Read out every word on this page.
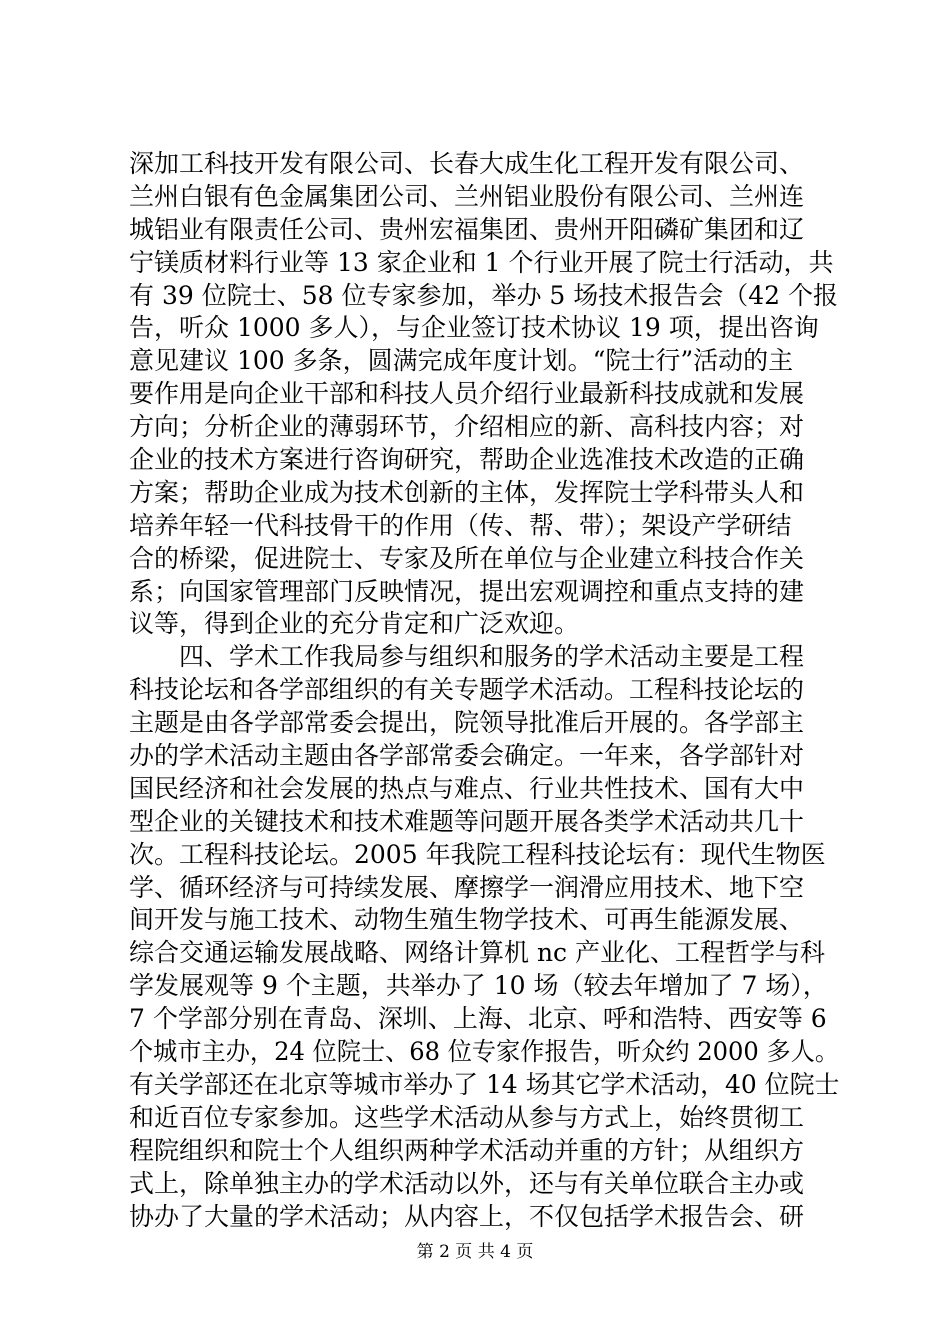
深加工科技开发有限公司、长春大成生化工程开发有限公司、
兰州白银有色金属集团公司、兰州铝业股份有限公司、兰州连
城铝业有限责任公司、贵州宏福集团、贵州开阳磷矿集团和辽
宁镁质材料行业等 13 家企业和 1 个行业开展了院士行活动，共
有 39 位院士、58 位专家参加，举办 5 场技术报告会（42 个报
告，听众 1000 多人），与企业签订技术协议 19 项，提出咨询
意见建议 100 多条，圆满完成年度计划。“院士行”活动的主
要作用是向企业干部和科技人员介绍行业最新科技成就和发展
方向；分析企业的薄弱环节，介绍相应的新、高科技内容；对
企业的技术方案进行咨询研究，帮助企业选准技术改造的正确
方案；帮助企业成为技术创新的主体，发挥院士学科带头人和
培养年轻一代科技骨干的作用（传、帮、带）；架设产学研结
合的桥梁，促进院士、专家及所在单位与企业建立科技合作关
系；向国家管理部门反映情况，提出宏观调控和重点支持的建
议等，得到企业的充分肯定和广泛欢迎。
　　四、学术工作我局参与组织和服务的学术活动主要是工程
科技论坛和各学部组织的有关专题学术活动。工程科技论坛的
主题是由各学部常委会提出，院领导批准后开展的。各学部主
办的学术活动主题由各学部常委会确定。一年来，各学部针对
国民经济和社会发展的热点与难点、行业共性技术、国有大中
型企业的关键技术和技术难题等问题开展各类学术活动共几十
次。工程科技论坛。2005 年我院工程科技论坛有：现代生物医
学、循环经济与可持续发展、摩擦学一润滑应用技术、地下空
间开发与施工技术、动物生殖生物学技术、可再生能源发展、
综合交通运输发展战略、网络计算机 nc 产业化、工程哲学与科
学发展观等 9 个主题，共举办了 10 场（较去年增加了 7 场），
7 个学部分别在青岛、深圳、上海、北京、呼和浩特、西安等 6
个城市主办，24 位院士、68 位专家作报告，听众约 2000 多人。
有关学部还在北京等城市举办了 14 场其它学术活动，40 位院士
和近百位专家参加。这些学术活动从参与方式上，始终贯彻工
程院组织和院士个人组织两种学术活动并重的方针；从组织方
式上，除单独主办的学术活动以外，还与有关单位联合主办或
协办了大量的学术活动；从内容上，不仅包括学术报告会、研
第 2 页 共 4 页
